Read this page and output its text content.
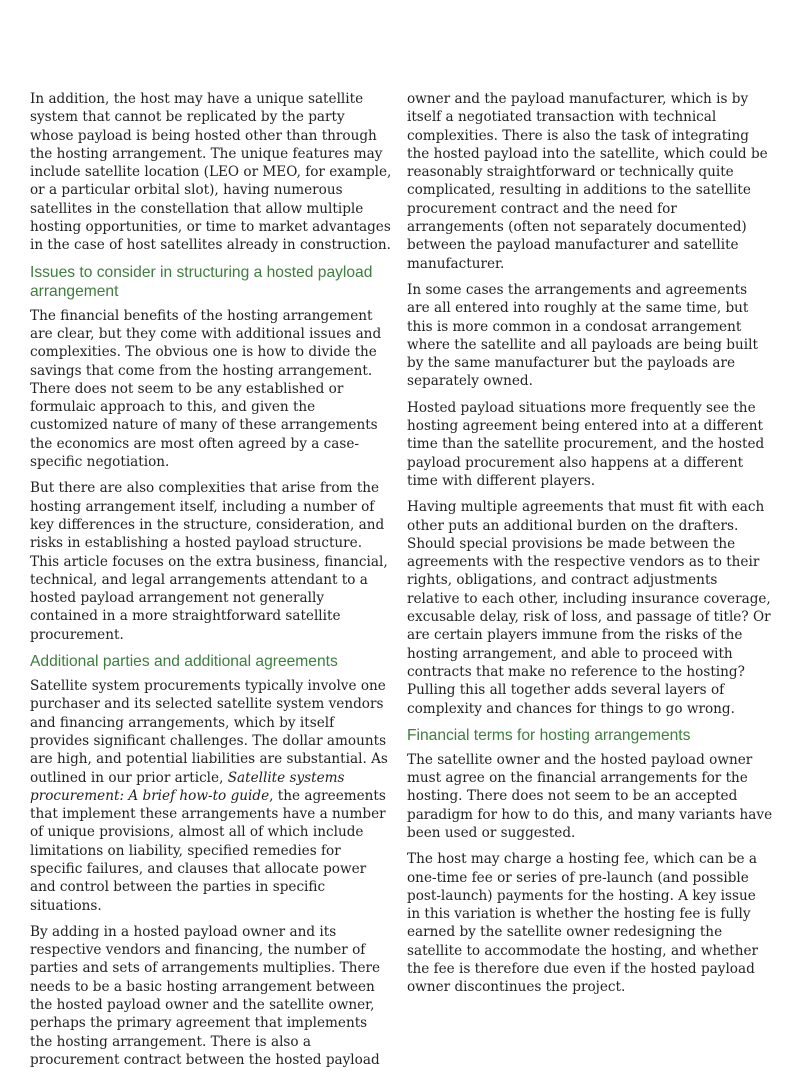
In addition, the host may have a unique satellite system that cannot be replicated by the party whose payload is being hosted other than through the hosting arrangement. The unique features may include satellite location (LEO or MEO, for example, or a particular orbital slot), having numerous satellites in the constellation that allow multiple hosting opportunities, or time to market advantages in the case of host satellites already in construction.

Issues to consider in structuring a hosted payload arrangement

The financial benefits of the hosting arrangement are clear, but they come with additional issues and complexities. The obvious one is how to divide the savings that come from the hosting arrangement. There does not seem to be any established or formulaic approach to this, and given the customized nature of many of these arrangements the economics are most often agreed by a case-specific negotiation.

But there are also complexities that arise from the hosting arrangement itself, including a number of key differences in the structure, consideration, and risks in establishing a hosted payload structure. This article focuses on the extra business, financial, technical, and legal arrangements attendant to a hosted payload arrangement not generally contained in a more straightforward satellite procurement.

Additional parties and additional agreements

Satellite system procurements typically involve one purchaser and its selected satellite system vendors and financing arrangements, which by itself provides significant challenges. The dollar amounts are high, and potential liabilities are substantial. As outlined in our prior article, Satellite systems procurement: A brief how-to guide, the agreements that implement these arrangements have a number of unique provisions, almost all of which include limitations on liability, specified remedies for specific failures, and clauses that allocate power and control between the parties in specific situations.

By adding in a hosted payload owner and its respective vendors and financing, the number of parties and sets of arrangements multiplies. There needs to be a basic hosting arrangement between the hosted payload owner and the satellite owner, perhaps the primary agreement that implements the hosting arrangement. There is also a procurement contract between the hosted payload

owner and the payload manufacturer, which is by itself a negotiated transaction with technical complexities. There is also the task of integrating the hosted payload into the satellite, which could be reasonably straightforward or technically quite complicated, resulting in additions to the satellite procurement contract and the need for arrangements (often not separately documented) between the payload manufacturer and satellite manufacturer.

In some cases the arrangements and agreements are all entered into roughly at the same time, but this is more common in a condosat arrangement where the satellite and all payloads are being built by the same manufacturer but the payloads are separately owned.

Hosted payload situations more frequently see the hosting agreement being entered into at a different time than the satellite procurement, and the hosted payload procurement also happens at a different time with different players.

Having multiple agreements that must fit with each other puts an additional burden on the drafters. Should special provisions be made between the agreements with the respective vendors as to their rights, obligations, and contract adjustments relative to each other, including insurance coverage, excusable delay, risk of loss, and passage of title? Or are certain players immune from the risks of the hosting arrangement, and able to proceed with contracts that make no reference to the hosting? Pulling this all together adds several layers of complexity and chances for things to go wrong.

Financial terms for hosting arrangements

The satellite owner and the hosted payload owner must agree on the financial arrangements for the hosting. There does not seem to be an accepted paradigm for how to do this, and many variants have been used or suggested.

The host may charge a hosting fee, which can be a one-time fee or series of pre-launch (and possible post-launch) payments for the hosting. A key issue in this variation is whether the hosting fee is fully earned by the satellite owner redesigning the satellite to accommodate the hosting, and whether the fee is therefore due even if the hosted payload owner discontinues the project.
